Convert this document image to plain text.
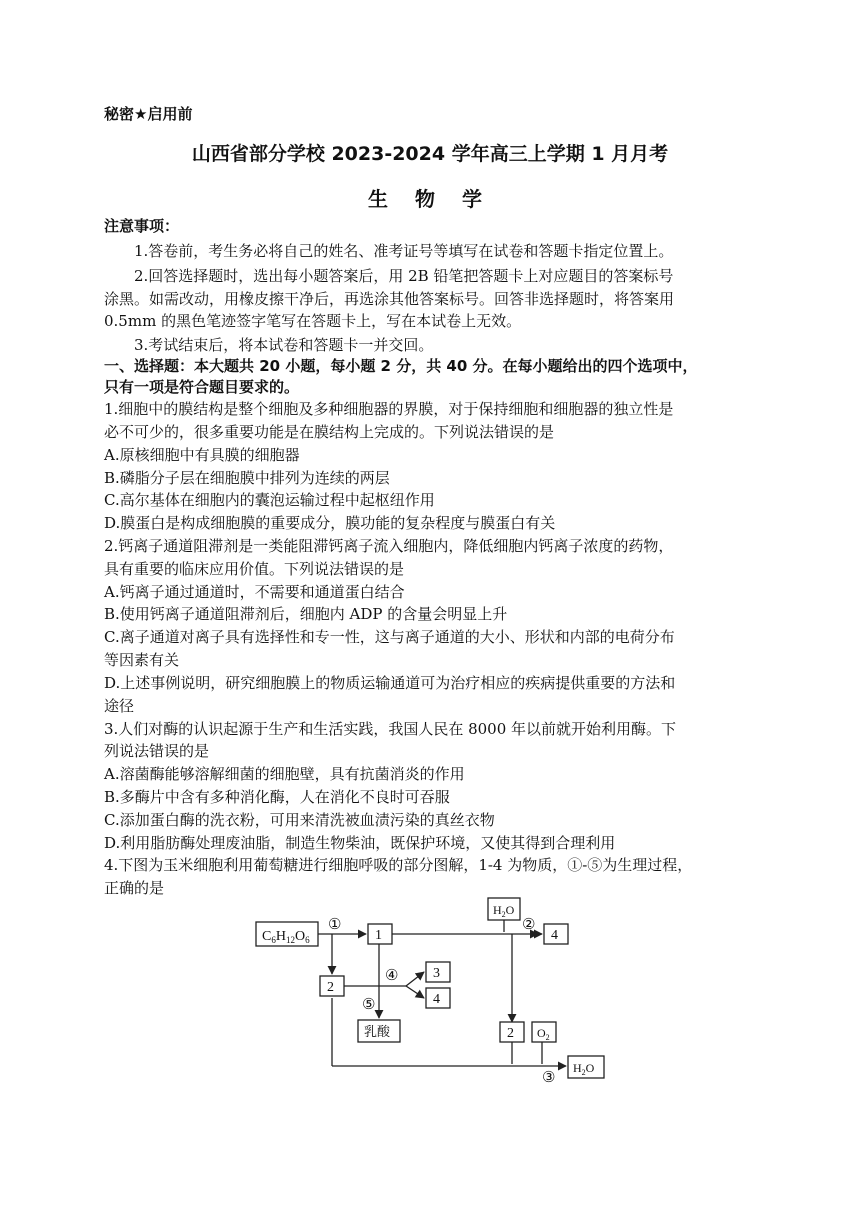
秘密★启用前
山西省部分学校 2023-2024 学年高三上学期 1 月月考
生 物 学
注意事项：
1.答卷前，考生务必将自己的姓名、准考证号等填写在试卷和答题卡指定位置上。
2.回答选择题时，选出每小题答案后，用 2B 铅笔把答题卡上对应题目的答案标号
涂黑。如需改动，用橡皮擦干净后，再选涂其他答案标号。回答非选择题时，将答案用
0.5mm 的黑色笔迹签字笔写在答题卡上，写在本试卷上无效。
3.考试结束后，将本试卷和答题卡一并交回。
一、选择题：本大题共 20 小题，每小题 2 分，共 40 分。在每小题给出的四个选项中，
只有一项是符合题目要求的。
1.细胞中的膜结构是整个细胞及多种细胞器的界膜，对于保持细胞和细胞器的独立性是
必不可少的，很多重要功能是在膜结构上完成的。下列说法错误的是
A.原核细胞中有具膜的细胞器
B.磷脂分子层在细胞膜中排列为连续的两层
C.高尔基体在细胞内的囊泡运输过程中起枢纽作用
D.膜蛋白是构成细胞膜的重要成分，膜功能的复杂程度与膜蛋白有关
2.钙离子通道阻滞剂是一类能阻滞钙离子流入细胞内，降低细胞内钙离子浓度的药物，
具有重要的临床应用价值。下列说法错误的是
A.钙离子通过通道时，不需要和通道蛋白结合
B.使用钙离子通道阻滞剂后，细胞内 ADP 的含量会明显上升
C.离子通道对离子具有选择性和专一性，这与离子通道的大小、形状和内部的电荷分布
等因素有关
D.上述事例说明，研究细胞膜上的物质运输通道可为治疗相应的疾病提供重要的方法和
途径
3.人们对酶的认识起源于生产和生活实践，我国人民在 8000 年以前就开始利用酶。下
列说法错误的是
A.溶菌酶能够溶解细菌的细胞壁，具有抗菌消炎的作用
B.多酶片中含有多种消化酶，人在消化不良时可吞服
C.添加蛋白酶的洗衣粉，可用来清洗被血渍污染的真丝衣物
D.利用脂肪酶处理废油脂，制造生物柴油，既保护环境，又使其得到合理利用
4.下图为玉米细胞利用葡萄糖进行细胞呼吸的部分图解，1-4 为物质，①-⑤为生理过程，
正确的是
$C_6H_{12}O_6$	1
2
3
4
乳酸
$H_2O$
4
2 $O_2$
$H_2O$
①	②
③
④
⑤
